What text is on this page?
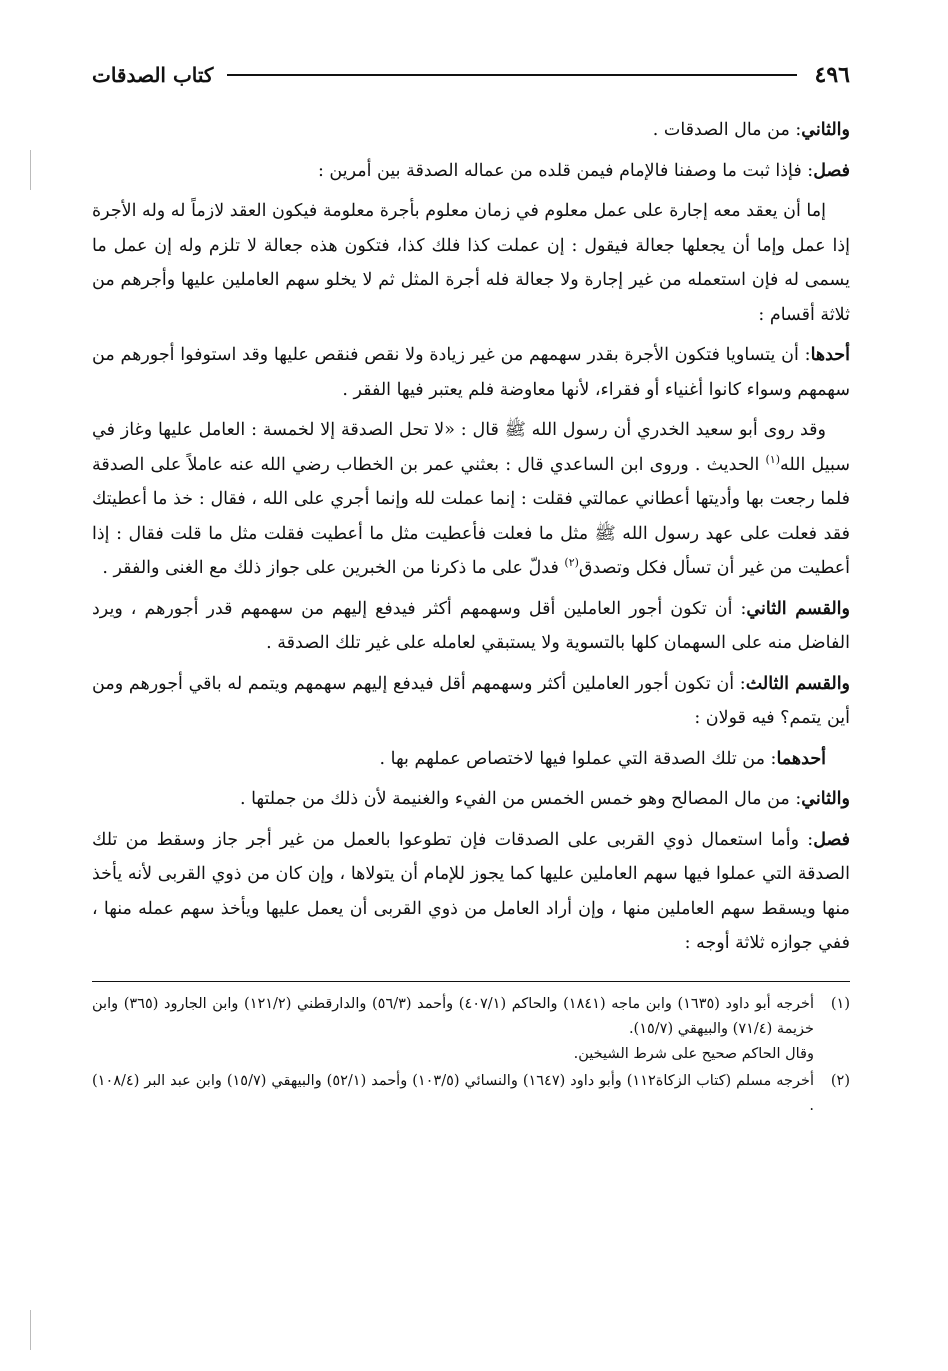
٤٩٦
كتاب الصدقات

والثاني: من مال الصدقات .

فصل: فإذا ثبت ما وصفنا فالإمام فيمن قلده من عماله الصدقة بين أمرين :

إما أن يعقد معه إجارة على عمل معلوم في زمان معلوم بأجرة معلومة فيكون العقد لازماً له وله الأجرة إذا عمل وإما أن يجعلها جعالة فيقول : إن عملت كذا فلك كذا، فتكون هذه جعالة لا تلزم وله إن عمل ما يسمى له فإن استعمله من غير إجارة ولا جعالة فله أجرة المثل ثم لا يخلو سهم العاملين عليها وأجرهم من ثلاثة أقسام :

أحدها: أن يتساويا فتكون الأجرة بقدر سهمهم من غير زيادة ولا نقص فنقص عليها وقد استوفوا أجورهم من سهمهم وسواء كانوا أغنياء أو فقراء، لأنها معاوضة فلم يعتبر فيها الفقر .

وقد روى أبو سعيد الخدري أن رسول الله ﷺ قال : «لا تحل الصدقة إلا لخمسة : العامل عليها وغاز في سبيل الله$^{(١)}$ الحديث . وروى ابن الساعدي قال : بعثني عمر بن الخطاب رضي الله عنه عاملاً على الصدقة فلما رجعت بها وأديتها أعطاني عمالتي فقلت : إنما عملت لله وإنما أجري على الله ، فقال : خذ ما أعطيتك فقد فعلت على عهد رسول الله ﷺ مثل ما فعلت فأعطيت مثل ما أعطيت فقلت مثل ما قلت فقال : إذا أعطيت من غير أن تسأل فكل وتصدق$^{(٢)}$ فدلّ على ما ذكرنا من الخبرين على جواز ذلك مع الغنى والفقر .

والقسم الثاني: أن تكون أجور العاملين أقل وسهمهم أكثر فيدفع إليهم من سهمهم قدر أجورهم ، ويرد الفاضل منه على السهمان كلها بالتسوية ولا يستبقي لعامله على غير تلك الصدقة .

والقسم الثالث: أن تكون أجور العاملين أكثر وسهمهم أقل فيدفع إليهم سهمهم ويتمم له باقي أجورهم ومن أين يتمم؟ فيه قولان :

أحدهما: من تلك الصدقة التي عملوا فيها لاختصاص عملهم بها .

والثاني: من مال المصالح وهو خمس الخمس من الفيء والغنيمة لأن ذلك من جملتها .

فصل: وأما استعمال ذوي القربى على الصدقات فإن تطوعوا بالعمل من غير أجر جاز وسقط من تلك الصدقة التي عملوا فيها سهم العاملين عليها كما يجوز للإمام أن يتولاها ، وإن كان من ذوي القربى لأنه يأخذ منها ويسقط سهم العاملين منها ، وإن أراد العامل من ذوي القربى أن يعمل عليها ويأخذ سهم عمله منها ، ففي جوازه ثلاثة أوجه :

(١)
أخرجه أبو داود (١٦٣٥) وابن ماجه (١٨٤١) والحاكم (٤٠٧/١) وأحمد (٥٦/٣) والدارقطني (١٢١/٢) وابن الجارود (٣٦٥) وابن خزيمة (٧١/٤) والبيهقي (١٥/٧).
وقال الحاكم صحيح على شرط الشيخين.
(٢)
أخرجه مسلم (كتاب الزكاة١١٢) وأبو داود (١٦٤٧) والنسائي (١٠٣/٥) وأحمد (٥٢/١) والبيهقي (١٥/٧) وابن عبد البر (١٠٨/٤) .
